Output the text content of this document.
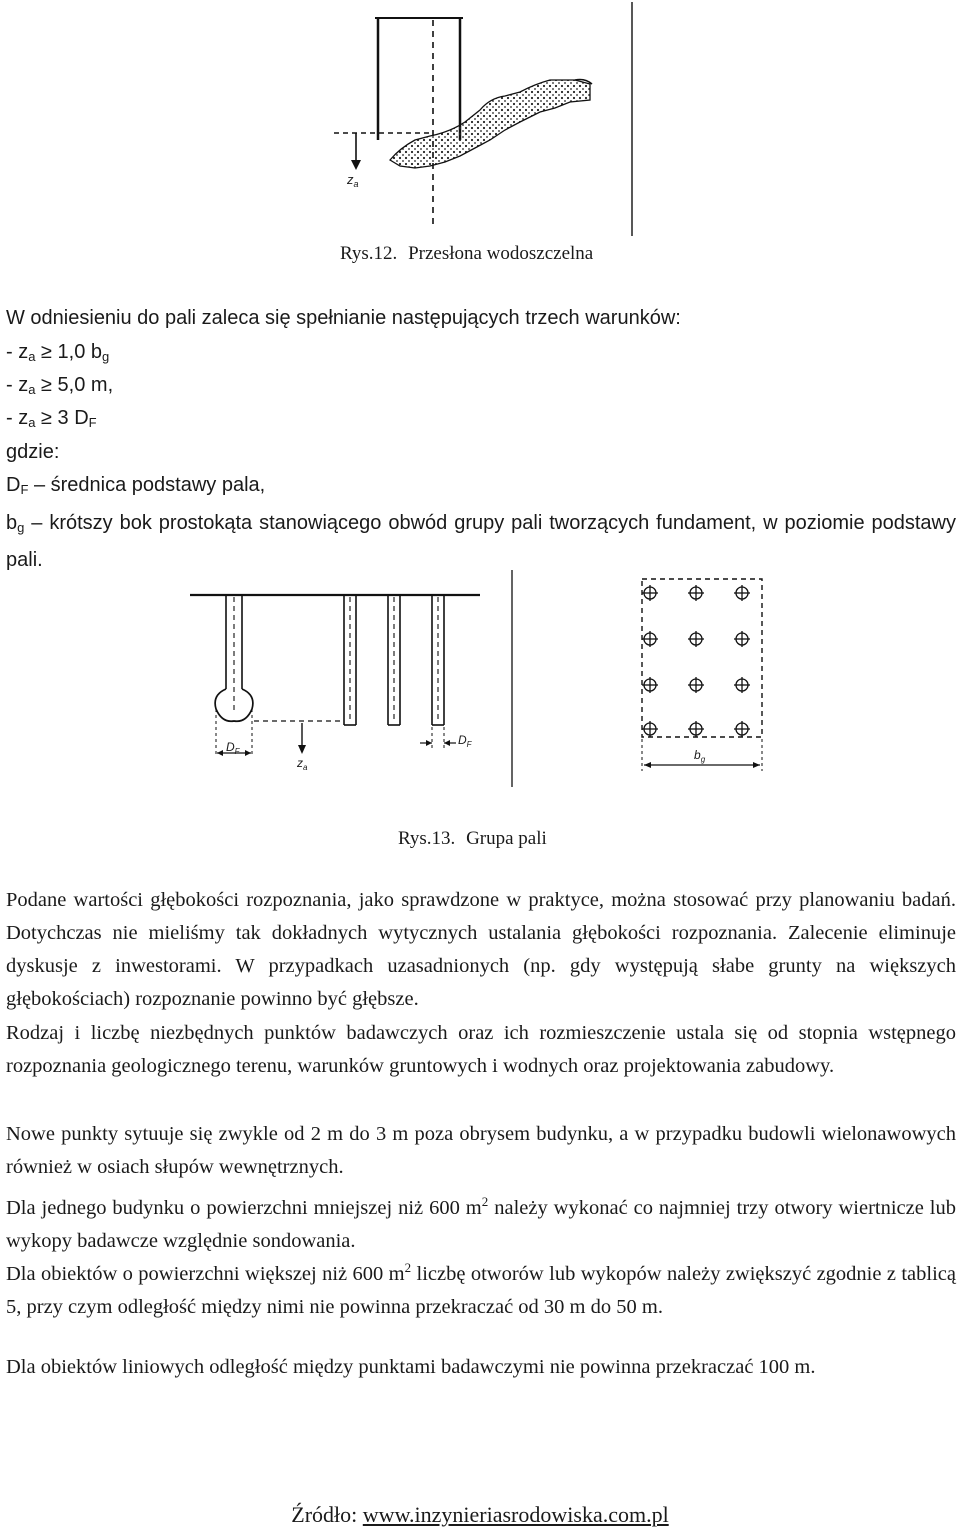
$z_a$
Rys.12. Przesłona wodoszczelna
W odniesieniu do pali zaleca się spełnianie następujących trzech warunków:
- $z_a \ge 1,0$ $b_g$
- $z_a \ge 5,0$ m,
- $z_a \ge 3$ $D_F$
gdzie:
$D_F$ – średnica podstawy pala,
$b_g$ – krótszy bok prostokąta stanowiącego obwód grupy pali tworzących fundament, w poziomie podstawy pali.
$D_F$
$z_a$
$D_F$
$b_g$
Rys.13. Grupa pali
Podane wartości głębokości rozpoznania, jako sprawdzone w praktyce, można stosować przy planowaniu badań. Dotychczas nie mieliśmy tak dokładnych wytycznych ustalania głębokości rozpoznania. Zalecenie eliminuje dyskusje z inwestorami. W przypadkach uzasadnionych (np. gdy występują słabe grunty na większych głębokościach) rozpoznanie powinno być głębsze.
Rodzaj i liczbę niezbędnych punktów badawczych oraz ich rozmieszczenie ustala się od stopnia wstępnego rozpoznania geologicznego terenu, warunków gruntowych i wodnych oraz projektowania zabudowy.
Nowe punkty sytuuje się zwykle od 2 m do 3 m poza obrysem budynku, a w przypadku budowli wielonawowych również w osiach słupów wewnętrznych.
Dla jednego budynku o powierzchni mniejszej niż 600 $m^2$ należy wykonać co najmniej trzy otwory wiertnicze lub wykopy badawcze względnie sondowania.
Dla obiektów o powierzchni większej niż 600 $m^2$ liczbę otworów lub wykopów należy zwiększyć zgodnie z tablicą 5, przy czym odległość między nimi nie powinna przekraczać od 30 m do 50 m.
Dla obiektów liniowych odległość między punktami badawczymi nie powinna przekraczać 100 m.
Źródło: www.inzynieriasrodowiska.com.pl
